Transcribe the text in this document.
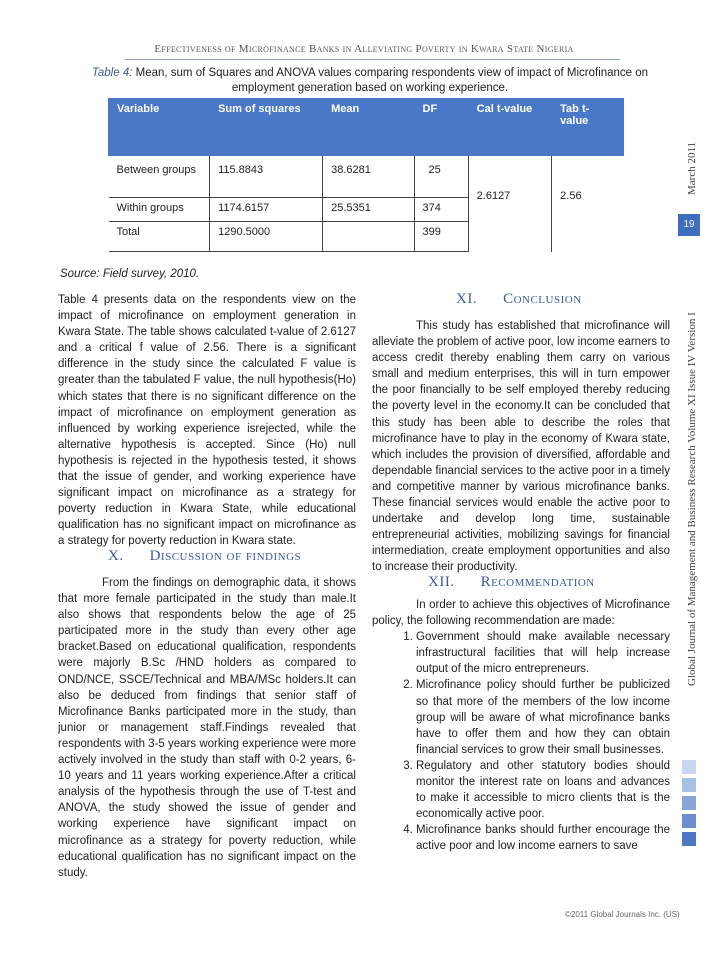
Effectiveness of Microfinance Banks in Alleviating Poverty in Kwara State Nigeria
Table 4: Mean, sum of Squares and ANOVA values comparing respondents view of impact of Microfinance on employment generation based on working experience.
Variable	Sum of squares	Mean	DF	Cal t-value	Tab t-value
Between groups	115.8843	38.6281	25	2.6127	2.56
Within groups	1174.6157	25.5351	374		
Total	1290.5000		399		
Source: Field survey, 2010.

Table 4 presents data on the respondents view on the impact of microfinance on employment generation in Kwara State. The table shows calculated t-value of 2.6127 and a critical f value of 2.56. There is a significant difference in the study since the calculated F value is greater than the tabulated F value, the null hypothesis(Ho) which states that there is no significant difference on the impact of microfinance on employment generation as influenced by working experience isrejected, while the alternative hypothesis is accepted. Since (Ho) null hypothesis is rejected in the hypothesis tested, it shows that the issue of gender, and working experience have significant impact on microfinance as a strategy for poverty reduction in Kwara State, while educational qualification has no significant impact on microfinance as a strategy for poverty reduction in Kwara state.

X. Discussion of findings

From the findings on demographic data, it shows that more female participated in the study than male.It also shows that respondents below the age of 25 participated more in the study than every other age bracket.Based on educational qualification, respondents were majorly B.Sc /HND holders as compared to OND/NCE, SSCE/Technical and MBA/MSc holders.It can also be deduced from findings that senior staff of Microfinance Banks participated more in the study, than junior or management staff.Findings revealed that respondents with 3-5 years working experience were more actively involved in the study than staff with 0-2 years, 6-10 years and 11 years working experience.After a critical analysis of the hypothesis through the use of T-test and ANOVA, the study showed the issue of gender and working experience have significant impact on microfinance as a strategy for poverty reduction, while educational qualification has no significant impact on the study.

XI. Conclusion

This study has established that microfinance will alleviate the problem of active poor, low income earners to access credit thereby enabling them carry on various small and medium enterprises, this will in turn empower the poor financially to be self employed thereby reducing the poverty level in the economy.It can be concluded that this study has been able to describe the roles that microfinance have to play in the economy of Kwara state, which includes the provision of diversified, affordable and dependable financial services to the active poor in a timely and competitive manner by various microfinance banks. These financial services would enable the active poor to undertake and develop long time, sustainable entrepreneurial activities, mobilizing savings for financial intermediation, create employment opportunities and also to increase their productivity.

XII. Recommendation

In order to achieve this objectives of Microfinance policy, the following recommendation are made:

1. Government should make available necessary infrastructural facilities that will help increase output of the micro entrepreneurs.
2. Microfinance policy should further be publicized so that more of the members of the low income group will be aware of what microfinance banks have to offer them and how they can obtain financial services to grow their small businesses.
3. Regulatory and other statutory bodies should monitor the interest rate on loans and advances to make it accessible to micro clients that is the economically active poor.
4. Microfinance banks should further encourage the active poor and low income earners to save
Global Journal of Management and Business Research Volume XI Issue IV Version I
March 2011
19
©2011 Global Journals Inc. (US)
